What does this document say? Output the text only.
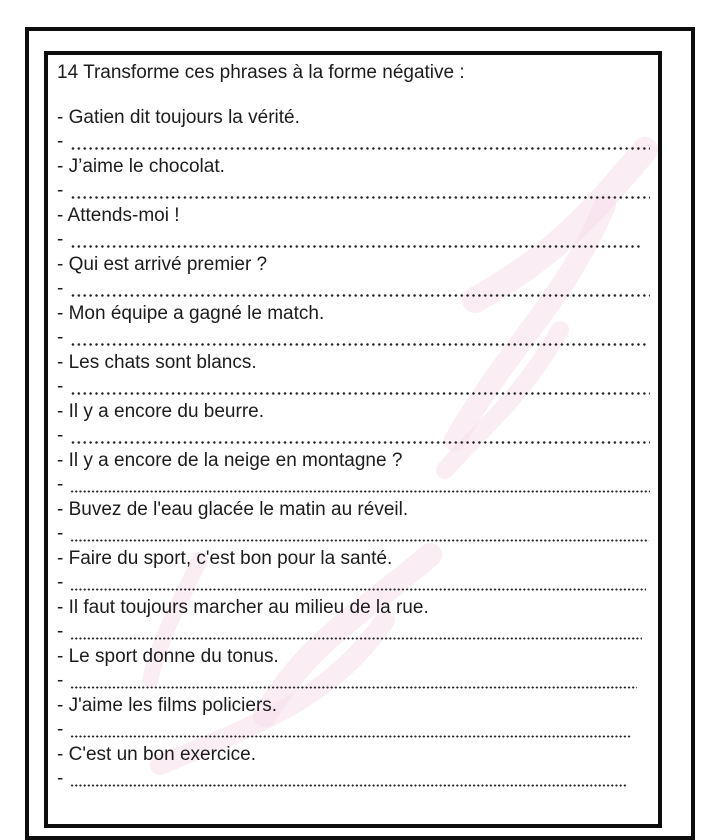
14 Transforme ces phrases à la forme négative :
- Gatien dit toujours la vérité.
-
- J’aime le chocolat.
-
- Attends-moi !
-
- Qui est arrivé premier ?
-
- Mon équipe a gagné le match.
-
- Les chats sont blancs.
-
- Il y a encore du beurre.
-
- Il y a encore de la neige en montagne ?
-
- Buvez de l'eau glacée le matin au réveil.
-
- Faire du sport, c'est bon pour la santé.
-
- Il faut toujours marcher au milieu de la rue.
-
- Le sport donne du tonus.
-
- J'aime les films policiers.
-
- C'est un bon exercice.
-
